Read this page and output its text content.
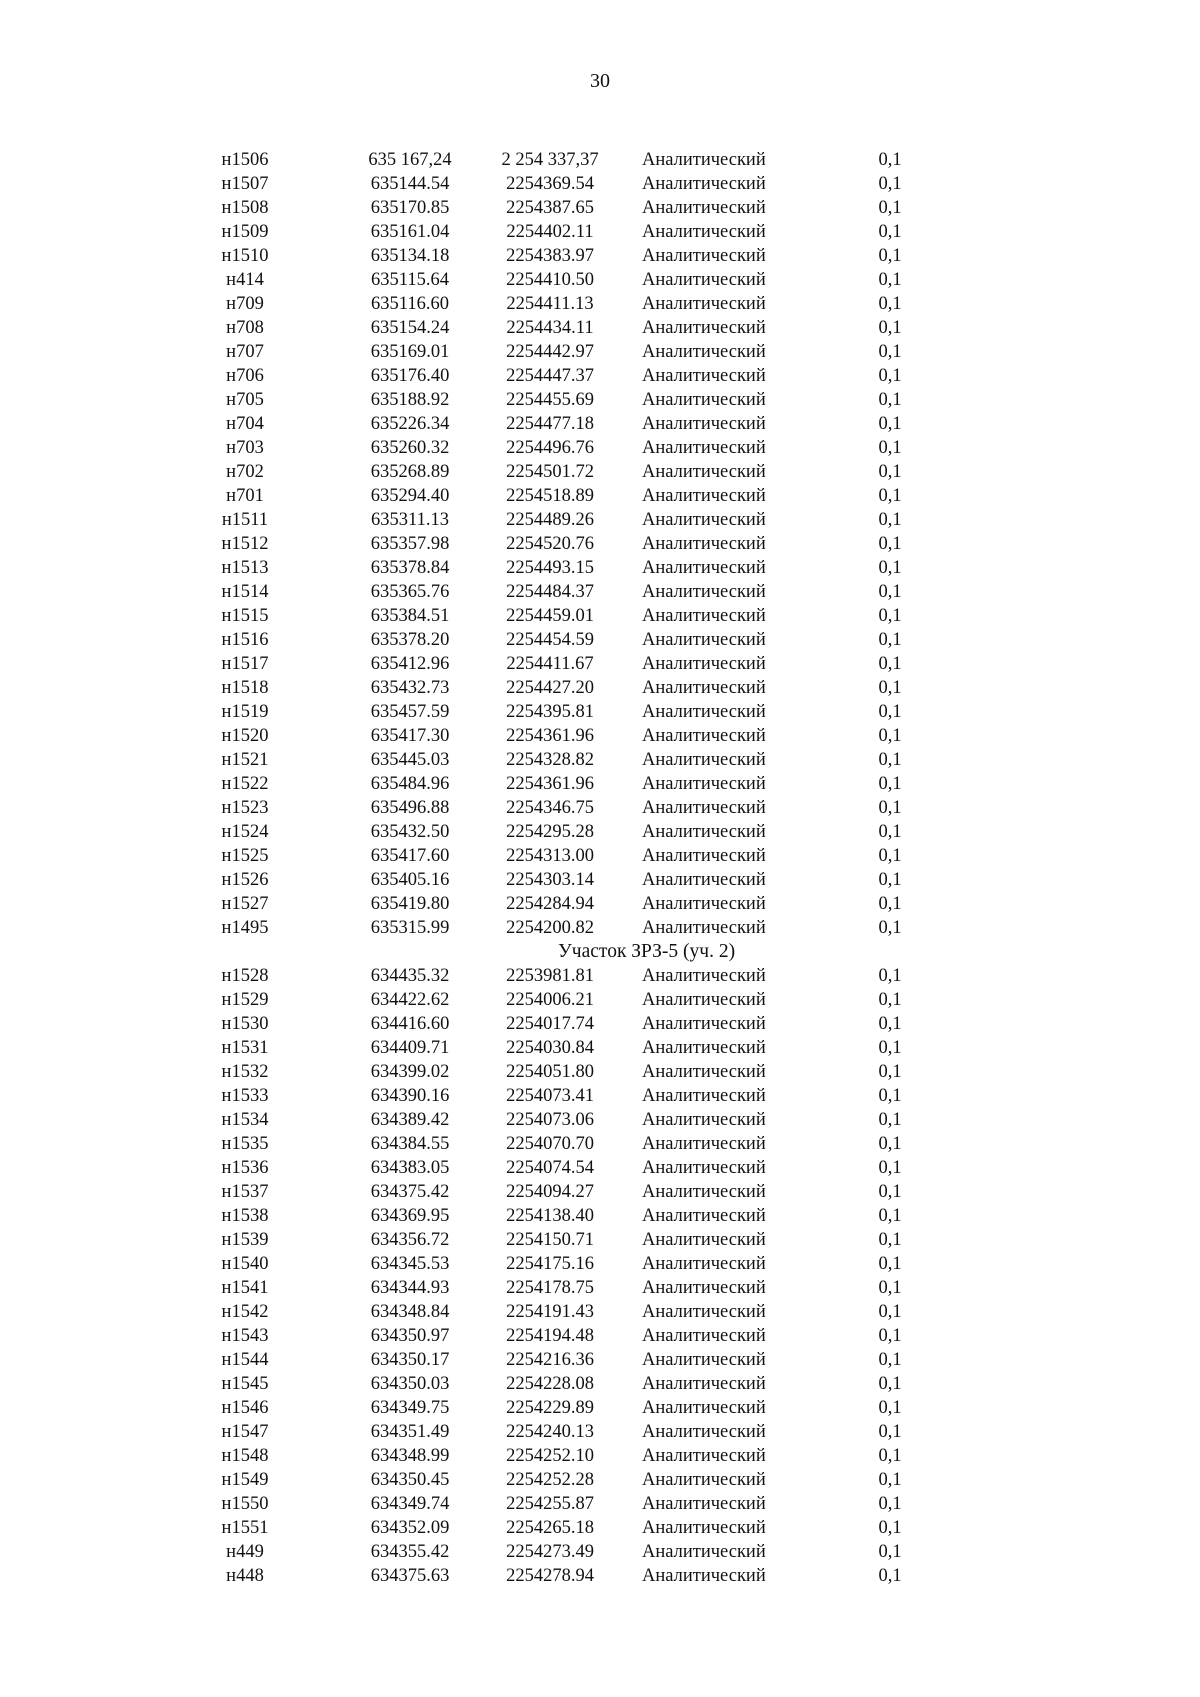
30
н1506	635 167,24	2 254 337,37	Аналитический	0,1
н1507	635144.54	2254369.54	Аналитический	0,1
н1508	635170.85	2254387.65	Аналитический	0,1
н1509	635161.04	2254402.11	Аналитический	0,1
н1510	635134.18	2254383.97	Аналитический	0,1
н414	635115.64	2254410.50	Аналитический	0,1
н709	635116.60	2254411.13	Аналитический	0,1
н708	635154.24	2254434.11	Аналитический	0,1
н707	635169.01	2254442.97	Аналитический	0,1
н706	635176.40	2254447.37	Аналитический	0,1
н705	635188.92	2254455.69	Аналитический	0,1
н704	635226.34	2254477.18	Аналитический	0,1
н703	635260.32	2254496.76	Аналитический	0,1
н702	635268.89	2254501.72	Аналитический	0,1
н701	635294.40	2254518.89	Аналитический	0,1
н1511	635311.13	2254489.26	Аналитический	0,1
н1512	635357.98	2254520.76	Аналитический	0,1
н1513	635378.84	2254493.15	Аналитический	0,1
н1514	635365.76	2254484.37	Аналитический	0,1
н1515	635384.51	2254459.01	Аналитический	0,1
н1516	635378.20	2254454.59	Аналитический	0,1
н1517	635412.96	2254411.67	Аналитический	0,1
н1518	635432.73	2254427.20	Аналитический	0,1
н1519	635457.59	2254395.81	Аналитический	0,1
н1520	635417.30	2254361.96	Аналитический	0,1
н1521	635445.03	2254328.82	Аналитический	0,1
н1522	635484.96	2254361.96	Аналитический	0,1
н1523	635496.88	2254346.75	Аналитический	0,1
н1524	635432.50	2254295.28	Аналитический	0,1
н1525	635417.60	2254313.00	Аналитический	0,1
н1526	635405.16	2254303.14	Аналитический	0,1
н1527	635419.80	2254284.94	Аналитический	0,1
н1495	635315.99	2254200.82	Аналитический	0,1
Участок ЗРЗ-5 (уч. 2)
н1528	634435.32	2253981.81	Аналитический	0,1
н1529	634422.62	2254006.21	Аналитический	0,1
н1530	634416.60	2254017.74	Аналитический	0,1
н1531	634409.71	2254030.84	Аналитический	0,1
н1532	634399.02	2254051.80	Аналитический	0,1
н1533	634390.16	2254073.41	Аналитический	0,1
н1534	634389.42	2254073.06	Аналитический	0,1
н1535	634384.55	2254070.70	Аналитический	0,1
н1536	634383.05	2254074.54	Аналитический	0,1
н1537	634375.42	2254094.27	Аналитический	0,1
н1538	634369.95	2254138.40	Аналитический	0,1
н1539	634356.72	2254150.71	Аналитический	0,1
н1540	634345.53	2254175.16	Аналитический	0,1
н1541	634344.93	2254178.75	Аналитический	0,1
н1542	634348.84	2254191.43	Аналитический	0,1
н1543	634350.97	2254194.48	Аналитический	0,1
н1544	634350.17	2254216.36	Аналитический	0,1
н1545	634350.03	2254228.08	Аналитический	0,1
н1546	634349.75	2254229.89	Аналитический	0,1
н1547	634351.49	2254240.13	Аналитический	0,1
н1548	634348.99	2254252.10	Аналитический	0,1
н1549	634350.45	2254252.28	Аналитический	0,1
н1550	634349.74	2254255.87	Аналитический	0,1
н1551	634352.09	2254265.18	Аналитический	0,1
н449	634355.42	2254273.49	Аналитический	0,1
н448	634375.63	2254278.94	Аналитический	0,1
